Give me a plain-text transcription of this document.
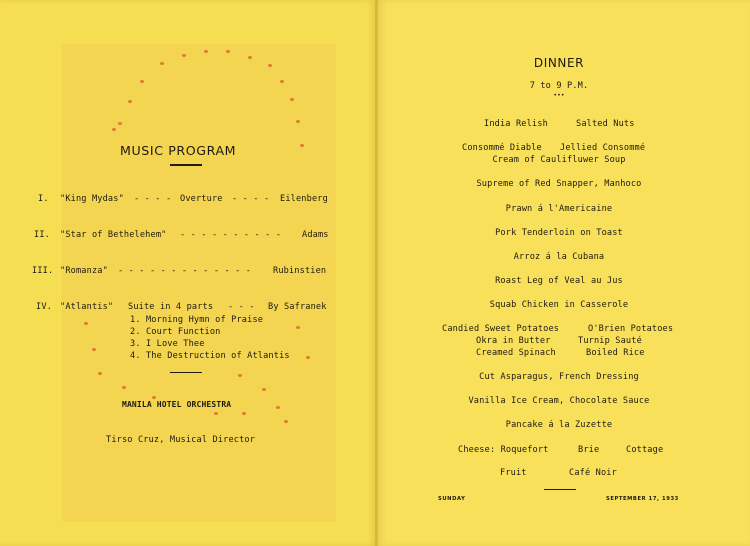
MUSIC PROGRAM
I. "King Mydas" - - - - Overture - - - - Eilenberg
II. "Star of Bethelehem" - - - - - - - - - - Adams
III. "Romanza" - - - - - - - - - - - - -	Rubinstien
IV. "Atlantis" Suite in 4 parts - - - By Safranek
1. Morning Hymn of Praise
2. Court Function
3. I Love Thee
4. The Destruction of Atlantis
MANILA HOTEL ORCHESTRA
Tirso Cruz, Musical Director
DINNER
7 to 9 P.M.
•••
India Relish	Salted Nuts
Consommé Diable Jellied Consommé
Cream of Caulifluwer Soup
Supreme of Red Snapper, Manhoco
Prawn á l'Americaine
Pork Tenderloin on Toast
Arroz á la Cubana
Roast Leg of Veal au Jus
Squab Chicken in Casserole
Candied Sweet Potatoes	O'Brien Potatoes
Okra in Butter	Turnip Sauté
Creamed Spinach	Boiled Rice
Cut Asparagus, French Dressing
Vanilla Ice Cream, Chocolate Sauce
Pancake á la Zuzette
Cheese: Roquefort	Brie	Cottage
Fruit	Café Noir
SUNDAY	SEPTEMBER 17, 1933
